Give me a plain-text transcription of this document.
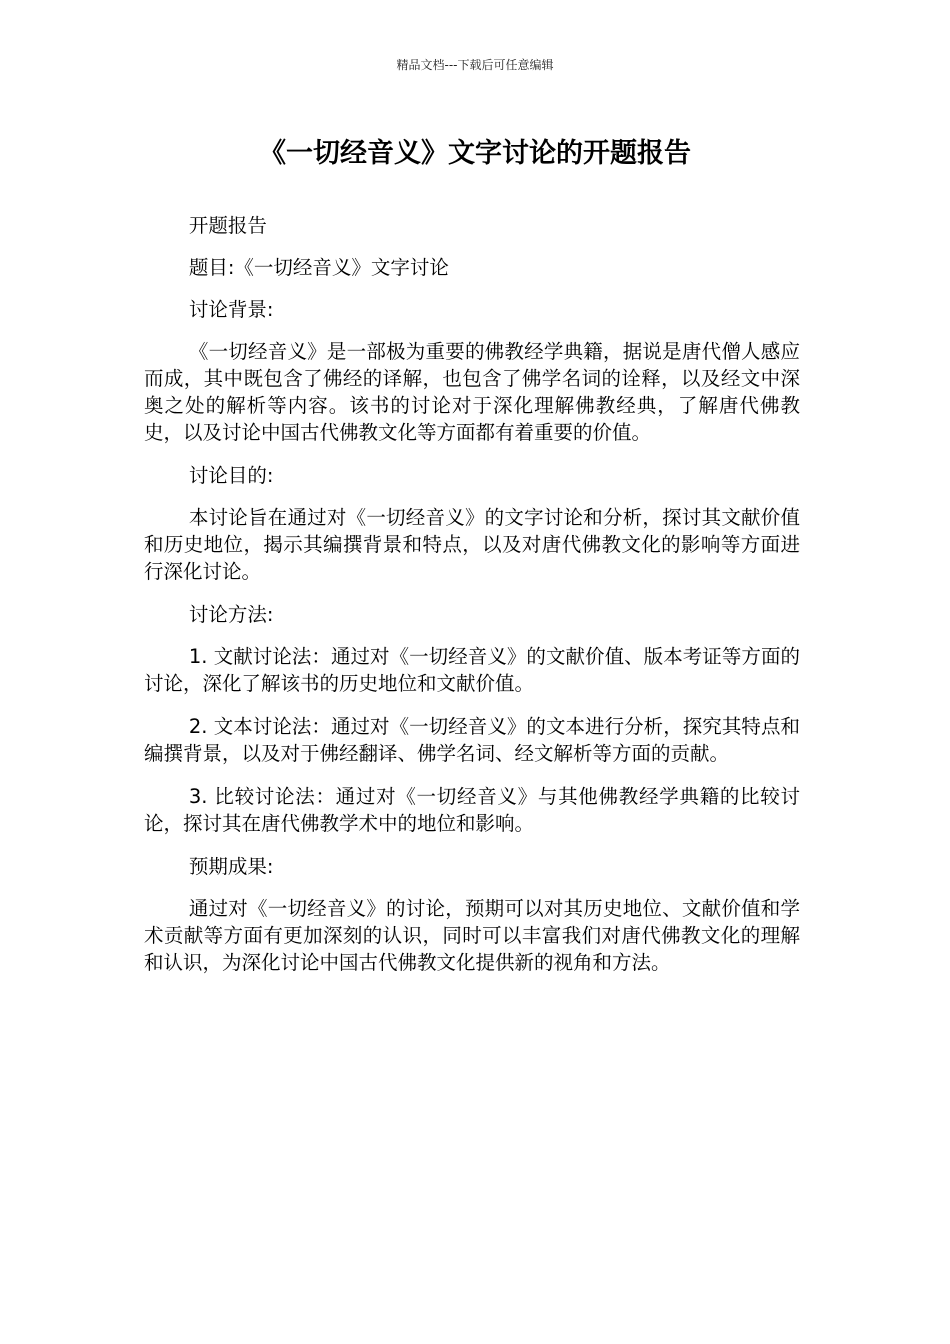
精品文档---下载后可任意编辑
《一切经音义》文字讨论的开题报告

开题报告

题目:《一切经音义》文字讨论

讨论背景:

《一切经音义》是一部极为重要的佛教经学典籍，据说是唐代僧人感应而成，其中既包含了佛经的译解，也包含了佛学名词的诠释，以及经文中深奥之处的解析等内容。该书的讨论对于深化理解佛教经典，了解唐代佛教史，以及讨论中国古代佛教文化等方面都有着重要的价值。

讨论目的:

本讨论旨在通过对《一切经音义》的文字讨论和分析，探讨其文献价值和历史地位，揭示其编撰背景和特点，以及对唐代佛教文化的影响等方面进行深化讨论。

讨论方法:

1. 文献讨论法：通过对《一切经音义》的文献价值、版本考证等方面的讨论，深化了解该书的历史地位和文献价值。

2. 文本讨论法：通过对《一切经音义》的文本进行分析，探究其特点和编撰背景，以及对于佛经翻译、佛学名词、经文解析等方面的贡献。

3. 比较讨论法：通过对《一切经音义》与其他佛教经学典籍的比较讨论，探讨其在唐代佛教学术中的地位和影响。

预期成果:

通过对《一切经音义》的讨论，预期可以对其历史地位、文献价值和学术贡献等方面有更加深刻的认识，同时可以丰富我们对唐代佛教文化的理解和认识，为深化讨论中国古代佛教文化提供新的视角和方法。
